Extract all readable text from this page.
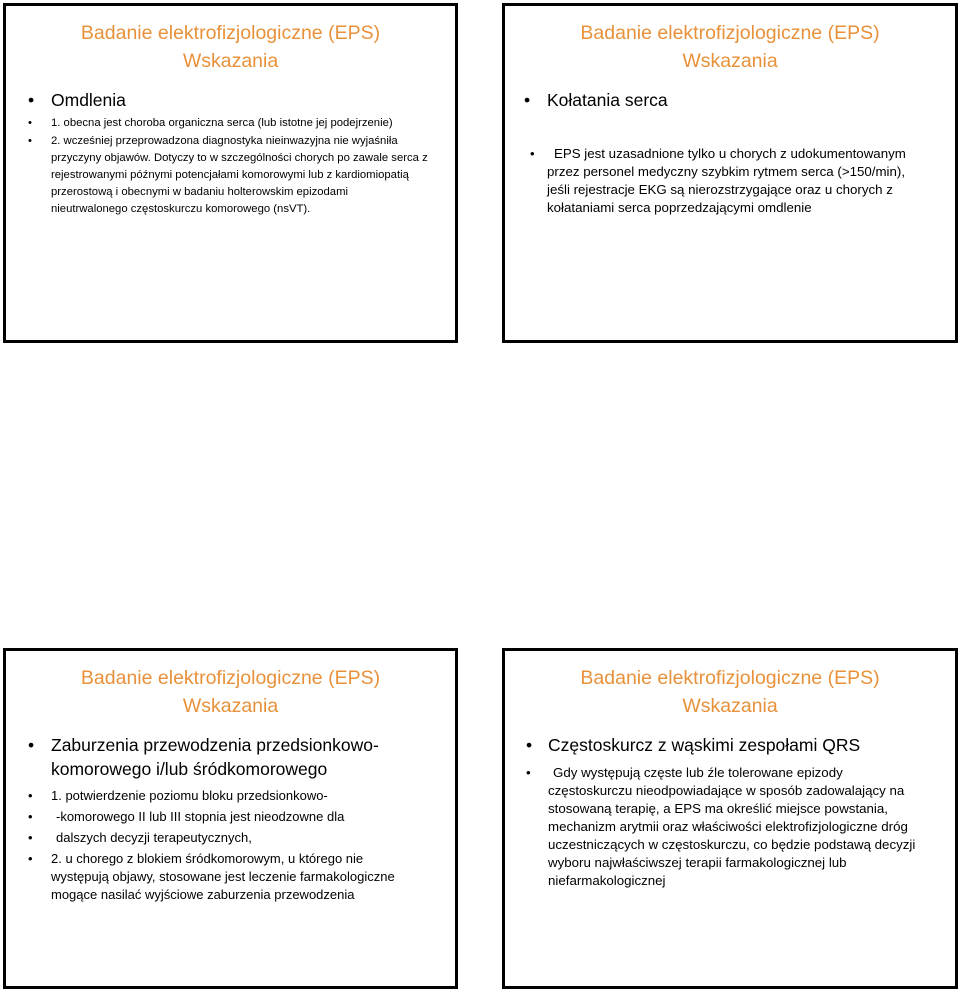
Badanie elektrofizjologiczne (EPS)
Wskazania
• Omdlenia
• 1. obecna jest choroba organiczna serca (lub istotne jej podejrzenie)
• 2. wcześniej przeprowadzona diagnostyka nieinwazyjna nie wyjaśniła
przyczyny objawów. Dotyczy to w szczególności chorych po zawale serca z
rejestrowanymi późnymi potencjałami komorowymi lub z kardiomiopatią
przerostową i obecnymi w badaniu holterowskim epizodami
nieutrwalonego częstoskurczu komorowego (nsVT).
Badanie elektrofizjologiczne (EPS)
Wskazania
• Kołatania serca
• EPS jest uzasadnione tylko u chorych z udokumentowanym
przez personel medyczny szybkim rytmem serca (>150/min),
jeśli rejestracje EKG są nierozstrzygające oraz u chorych z
kołataniami serca poprzedzającymi omdlenie
Badanie elektrofizjologiczne (EPS)
Wskazania
• Zaburzenia przewodzenia przedsionkowo-
komorowego i/lub śródkomorowego
• 1. potwierdzenie poziomu bloku przedsionkowo-
• -komorowego II lub III stopnia jest nieodzowne dla
• dalszych decyzji terapeutycznych,
• 2. u chorego z blokiem śródkomorowym, u którego nie
występują objawy, stosowane jest leczenie farmakologiczne
mogące nasilać wyjściowe zaburzenia przewodzenia
Badanie elektrofizjologiczne (EPS)
Wskazania
• Częstoskurcz z wąskimi zespołami QRS
• Gdy występują częste lub źle tolerowane epizody
częstoskurczu nieodpowiadające w sposób zadowalający na
stosowaną terapię, a EPS ma określić miejsce powstania,
mechanizm arytmii oraz właściwości elektrofizjologiczne dróg
uczestniczących w częstoskurczu, co będzie podstawą decyzji
wyboru najwłaściwszej terapii farmakologicznej lub
niefarmakologicznej
